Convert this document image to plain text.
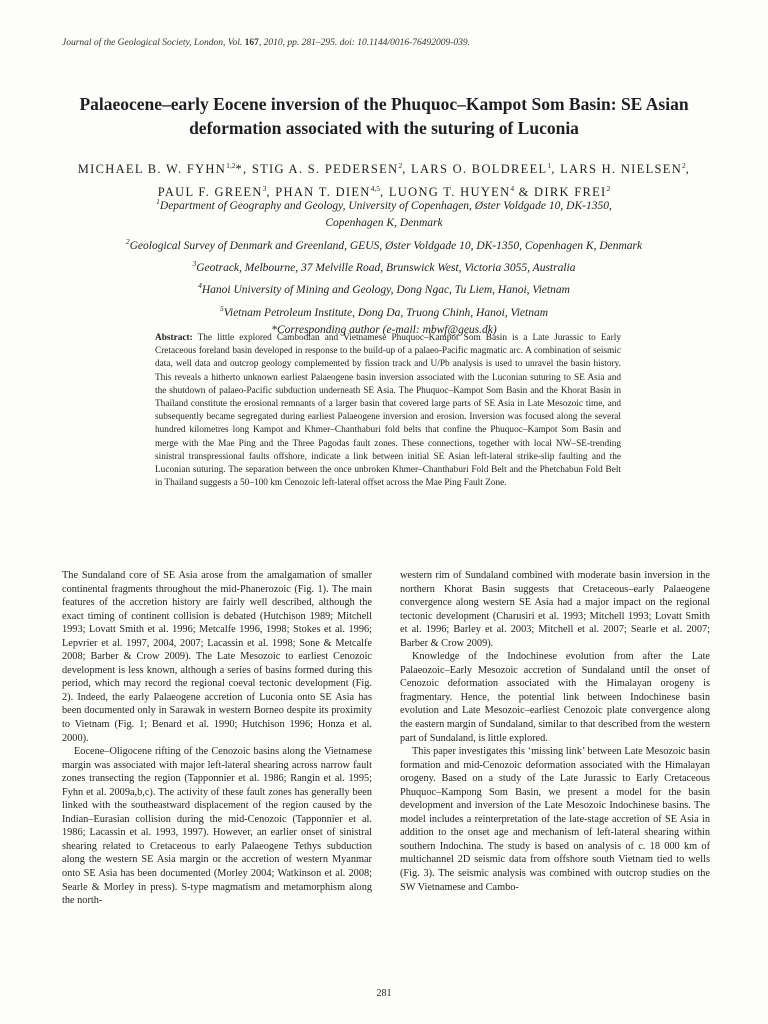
Journal of the Geological Society, London, Vol. 167, 2010, pp. 281–295. doi: 10.1144/0016-76492009-039.
Palaeocene–early Eocene inversion of the Phuquoc–Kampot Som Basin: SE Asian
deformation associated with the suturing of Luconia
MICHAEL B. W. FYHN$^{1,2}$*, STIG A. S. PEDERSEN$^2$, LARS O. BOLDREEL$^1$, LARS H. NIELSEN$^2$,
PAUL F. GREEN$^3$, PHAN T. DIEN$^{4,5}$, LUONG T. HUYEN$^4$ & DIRK FREI$^2$
$^1$Department of Geography and Geology, University of Copenhagen, Øster Voldgade 10, DK-1350,
Copenhagen K, Denmark
$^2$Geological Survey of Denmark and Greenland, GEUS, Øster Voldgade 10, DK-1350, Copenhagen K, Denmark
$^3$Geotrack, Melbourne, 37 Melville Road, Brunswick West, Victoria 3055, Australia
$^4$Hanoi University of Mining and Geology, Dong Ngac, Tu Liem, Hanoi, Vietnam
$^5$Vietnam Petroleum Institute, Dong Da, Truong Chinh, Hanoi, Vietnam
*Corresponding author (e-mail: mbwf@geus.dk)
Abstract: The little explored Cambodian and Vietnamese Phuquoc–Kampot Som Basin is a Late Jurassic to Early Cretaceous foreland basin developed in response to the build-up of a palaeo-Pacific magmatic arc. A combination of seismic data, well data and outcrop geology complemented by fission track and U/Pb analysis is used to unravel the basin history. This reveals a hitherto unknown earliest Palaeogene basin inversion associated with the Luconian suturing to SE Asia and the shutdown of palaeo-Pacific subduction underneath SE Asia. The Phuquoc–Kampot Som Basin and the Khorat Basin in Thailand constitute the erosional remnants of a larger basin that covered large parts of SE Asia in Late Mesozoic time, and subsequently became segregated during earliest Palaeogene inversion and erosion. Inversion was focused along the several hundred kilometres long Kampot and Khmer–Chanthaburi fold belts that confine the Phuquoc–Kampot Som Basin and merge with the Mae Ping and the Three Pagodas fault zones. These connections, together with local NW–SE-trending sinistral transpressional faults offshore, indicate a link between initial SE Asian left-lateral strike-slip faulting and the Luconian suturing. The separation between the once unbroken Khmer–Chanthaburi Fold Belt and the Phetchabun Fold Belt in Thailand suggests a 50–100 km Cenozoic left-lateral offset across the Mae Ping Fault Zone.

The Sundaland core of SE Asia arose from the amalgamation of smaller continental fragments throughout the mid-Phanerozoic (Fig. 1). The main features of the accretion history are fairly well described, although the exact timing of continent collision is debated (Hutchison 1989; Mitchell 1993; Lovatt Smith et al. 1996; Metcalfe 1996, 1998; Stokes et al. 1996; Lepvrier et al. 1997, 2004, 2007; Lacassin et al. 1998; Sone & Metcalfe 2008; Barber & Crow 2009). The Late Mesozoic to earliest Cenozoic development is less known, although a series of basins formed during this period, which may record the regional coeval tectonic development (Fig. 2). Indeed, the early Palaeogene accretion of Luconia onto SE Asia has been documented only in Sarawak in western Borneo despite its proximity to Vietnam (Fig. 1; Benard et al. 1990; Hutchison 1996; Honza et al. 2000).

Eocene–Oligocene rifting of the Cenozoic basins along the Vietnamese margin was associated with major left-lateral shearing across narrow fault zones transecting the region (Tapponnier et al. 1986; Rangin et al. 1995; Fyhn et al. 2009a,b,c). The activity of these fault zones has generally been linked with the southeastward displacement of the region caused by the Indian–Eurasian collision during the mid-Cenozoic (Tapponnier et al. 1986; Lacassin et al. 1993, 1997). However, an earlier onset of sinistral shearing related to Cretaceous to early Palaeogene Tethys subduction along the western SE Asia margin or the accretion of western Myanmar onto SE Asia has been documented (Morley 2004; Watkinson et al. 2008; Searle & Morley in press). S-type magmatism and metamorphism along the north-

western rim of Sundaland combined with moderate basin inversion in the northern Khorat Basin suggests that Cretaceous–early Palaeogene convergence along western SE Asia had a major impact on the regional tectonic development (Charusiri et al. 1993; Mitchell 1993; Lovatt Smith et al. 1996; Barley et al. 2003; Mitchell et al. 2007; Searle et al. 2007; Barber & Crow 2009).

Knowledge of the Indochinese evolution from after the Late Palaeozoic–Early Mesozoic accretion of Sundaland until the onset of Cenozoic deformation associated with the Himalayan orogeny is fragmentary. Hence, the potential link between Indochinese basin evolution and Late Mesozoic–earliest Cenozoic plate convergence along the eastern margin of Sundaland, similar to that described from the western part of Sundaland, is little explored.

This paper investigates this ‘missing link’ between Late Mesozoic basin formation and mid-Cenozoic deformation associated with the Himalayan orogeny. Based on a study of the Late Jurassic to Early Cretaceous Phuquoc–Kampong Som Basin, we present a model for the basin development and inversion of the Late Mesozoic Indochinese basins. The model includes a reinterpretation of the late-stage accretion of SE Asia in addition to the onset age and mechanism of left-lateral shearing within southern Indochina. The study is based on analysis of c. 18 000 km of multichannel 2D seismic data from offshore south Vietnam tied to wells (Fig. 3). The seismic analysis was combined with outcrop studies on the SW Vietnamese and Cambo-

281
